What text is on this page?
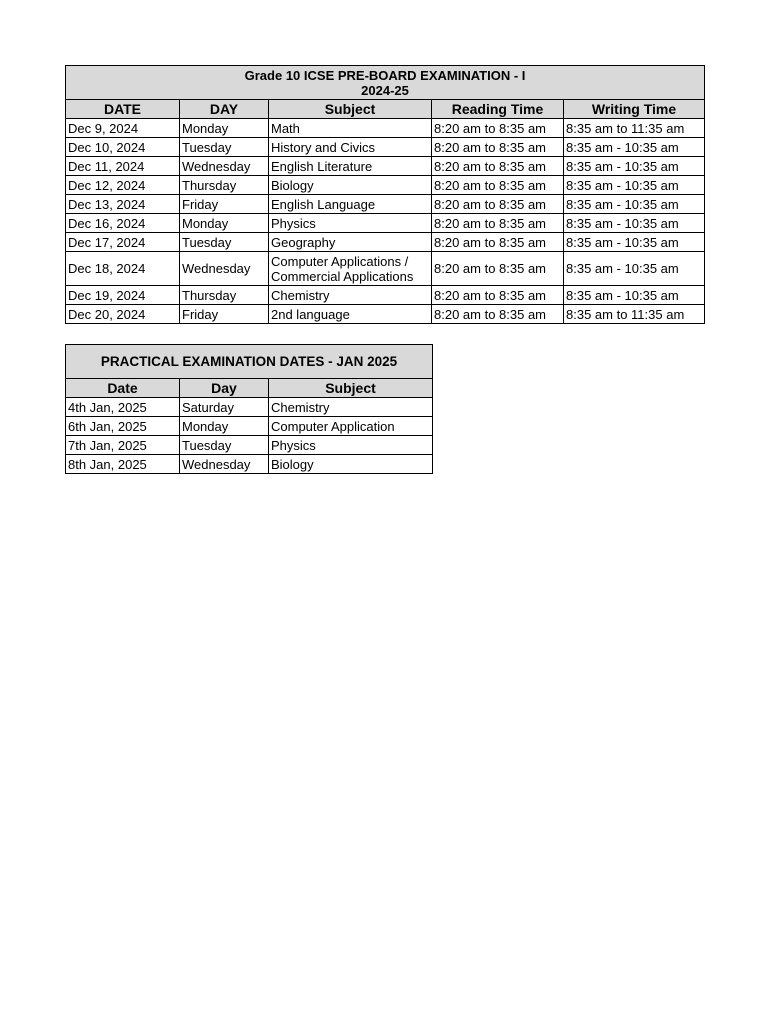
Grade 10 ICSE PRE-BOARD EXAMINATION - I
2024-25				

DATE	DAY	Subject	Reading Time	Writing Time
Dec 9, 2024	Monday	Math	8:20 am to 8:35 am	8:35 am to 11:35 am
Dec 10, 2024	Tuesday	History and Civics	8:20 am to 8:35 am	8:35 am - 10:35 am
Dec 11, 2024	Wednesday	English Literature	8:20 am to 8:35 am	8:35 am - 10:35 am
Dec 12, 2024	Thursday	Biology	8:20 am to 8:35 am	8:35 am - 10:35 am
Dec 13, 2024	Friday	English Language	8:20 am to 8:35 am	8:35 am - 10:35 am
Dec 16, 2024	Monday	Physics	8:20 am to 8:35 am	8:35 am - 10:35 am
Dec 17, 2024	Tuesday	Geography	8:20 am to 8:35 am	8:35 am - 10:35 am
Dec 18, 2024	Wednesday	Computer Applications /
Commercial Applications	8:20 am to 8:35 am	8:35 am - 10:35 am
Dec 19, 2024	Thursday	Chemistry	8:20 am to 8:35 am	8:35 am - 10:35 am
Dec 20, 2024	Friday	2nd language	8:20 am to 8:35 am	8:35 am to 11:35 am
PRACTICAL EXAMINATION DATES - JAN 2025		
Date	Day	Subject
4th Jan, 2025	Saturday	Chemistry
6th Jan, 2025	Monday	Computer Application
7th Jan, 2025	Tuesday	Physics
8th Jan, 2025	Wednesday	Biology
